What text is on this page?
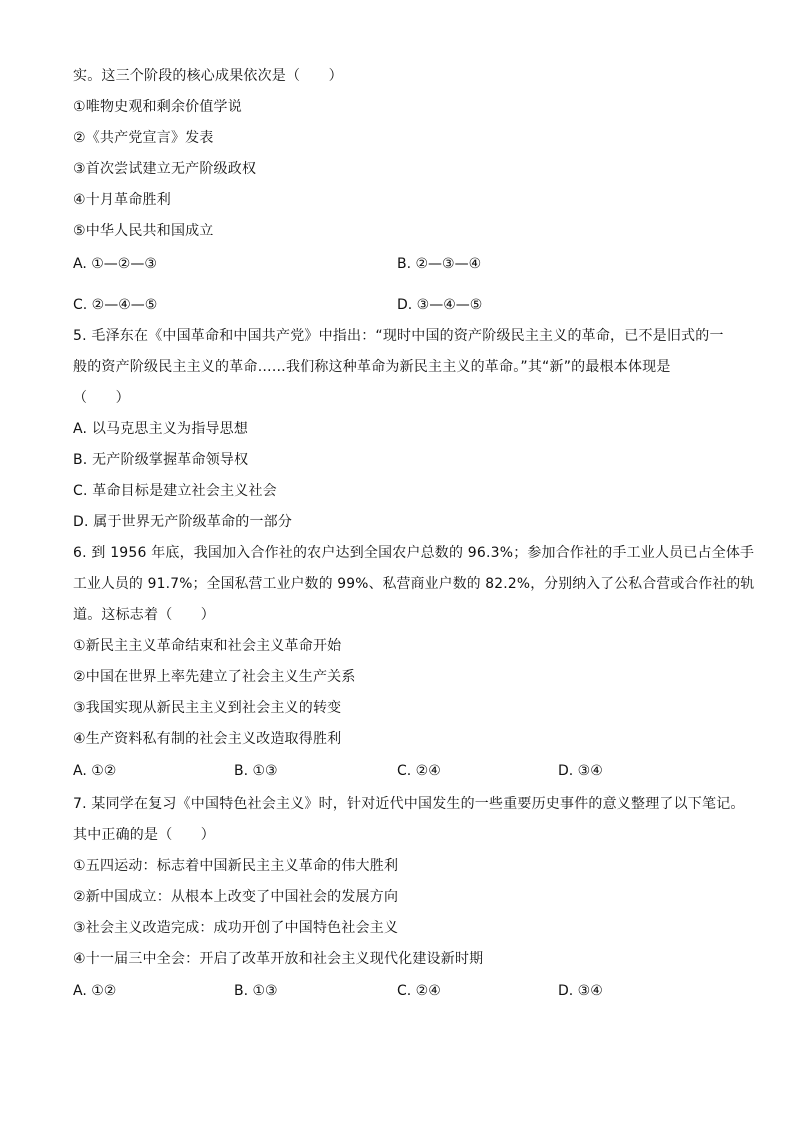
实。这三个阶段的核心成果依次是（　　）
①唯物史观和剩余价值学说
②《共产党宣言》发表
③首次尝试建立无产阶级政权
④十月革命胜利
⑤中华人民共和国成立
A. ①—②—③	B. ②—③—④
C. ②—④—⑤	D. ③—④—⑤
5. 毛泽东在《中国革命和中国共产党》中指出：“现时中国的资产阶级民主主义的革命，已不是旧式的一
般的资产阶级民主主义的革命……我们称这种革命为新民主主义的革命。”其“新”的最根本体现是
（　　）
A. 以马克思主义为指导思想
B. 无产阶级掌握革命领导权
C. 革命目标是建立社会主义社会
D. 属于世界无产阶级革命的一部分
6. 到 1956 年底，我国加入合作社的农户达到全国农户总数的 96.3%；参加合作社的手工业人员已占全体手
工业人员的 91.7%；全国私营工业户数的 99%、私营商业户数的 82.2%，分别纳入了公私合营或合作社的轨
道。这标志着（　　）
①新民主主义革命结束和社会主义革命开始
②中国在世界上率先建立了社会主义生产关系
③我国实现从新民主主义到社会主义的转变
④生产资料私有制的社会主义改造取得胜利
A. ①②	B. ①③	C. ②④	D. ③④
7. 某同学在复习《中国特色社会主义》时，针对近代中国发生的一些重要历史事件的意义整理了以下笔记。
其中正确的是（　　）
①五四运动：标志着中国新民主主义革命的伟大胜利
②新中国成立：从根本上改变了中国社会的发展方向
③社会主义改造完成：成功开创了中国特色社会主义
④十一届三中全会：开启了改革开放和社会主义现代化建设新时期
A. ①②	B. ①③	C. ②④	D. ③④
